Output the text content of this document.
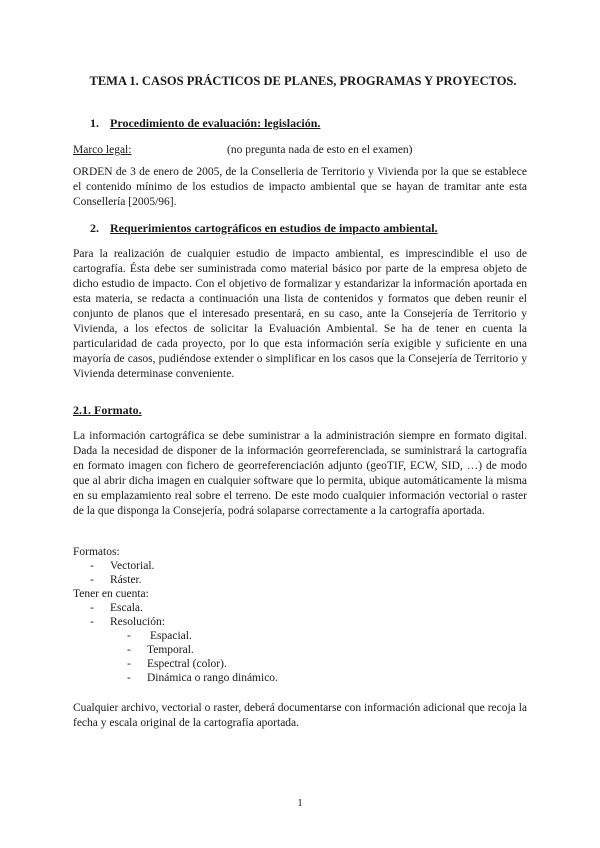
TEMA 1. CASOS PRÁCTICOS DE PLANES, PROGRAMAS Y PROYECTOS.
1. Procedimiento de evaluación: legislación.
Marco legal:	(no pregunta nada de esto en el examen)
ORDEN de 3 de enero de 2005, de la Conselleria de Territorio y Vivienda por la que se establece el contenido mínimo de los estudios de impacto ambiental que se hayan de tramitar ante esta Consellería [2005/96].
2. Requerimientos cartográficos en estudios de impacto ambiental.
Para la realización de cualquier estudio de impacto ambiental, es imprescindible el uso de cartografía. Ésta debe ser suministrada como material básico por parte de la empresa objeto de dicho estudio de impacto. Con el objetivo de formalizar y estandarizar la información aportada en esta materia, se redacta a continuación una lista de contenidos y formatos que deben reunir el conjunto de planos que el interesado presentará, en su caso, ante la Consejería de Territorio y Vivienda, a los efectos de solicitar la Evaluación Ambiental. Se ha de tener en cuenta la particularidad de cada proyecto, por lo que esta información sería exigible y suficiente en una mayoría de casos, pudiéndose extender o simplificar en los casos que la Consejería de Territorio y Vivienda determinase conveniente.
2.1. Formato.
La información cartográfica se debe suministrar a la administración siempre en formato digital. Dada la necesidad de disponer de la información georreferenciada, se suministrará la cartografía en formato imagen con fichero de georreferenciación adjunto (geoTIF, ECW, SID, …) de modo que al abrir dicha imagen en cualquier software que lo permita, ubique automáticamente la misma en su emplazamiento real sobre el terreno. De este modo cualquier información vectorial o raster de la que disponga la Consejería, podrá solaparse correctamente a la cartografía aportada.
Formatos:
- Vectorial.
- Ráster.
Tener en cuenta:
- Escala.
- Resolución:
- Espacial.
- Temporal.
- Espectral (color).
- Dinámica o rango dinámico.
Cualquier archivo, vectorial o raster, deberá documentarse con información adicional que recoja la fecha y escala original de la cartografía aportada.
1
